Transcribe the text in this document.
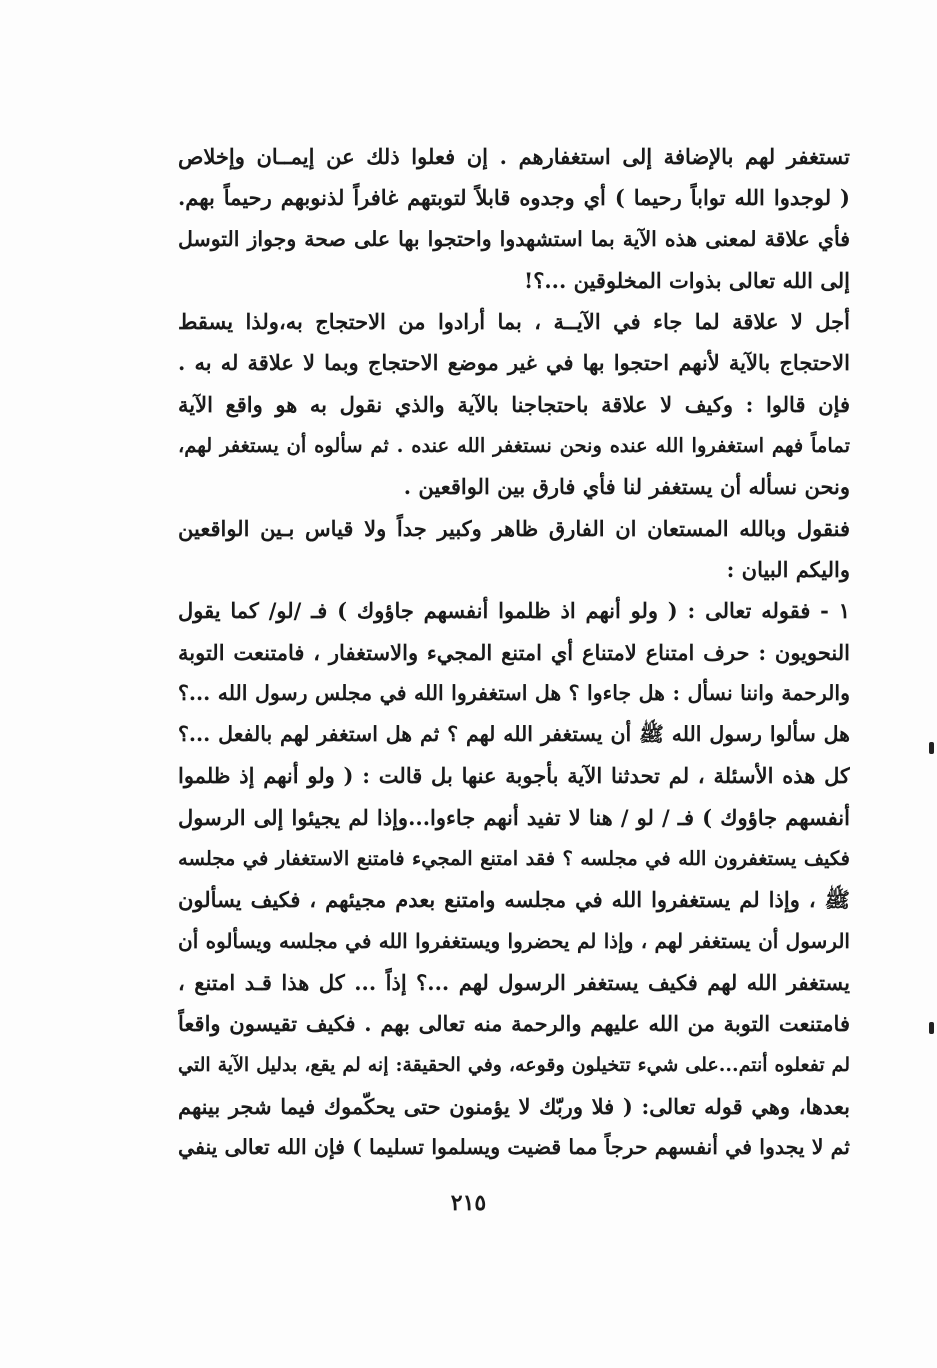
تستغفر لهم بالإضافة إلى استغفارهم . إن فعلوا ذلك عن إيمــان وإخلاص
( لوجدوا الله تواباً رحيما ) أي وجدوه قابلاً لتوبتهم غافراً لذنوبهم رحيماً بهم.
فأي علاقة لمعنى هذه الآية بما استشهدوا واحتجوا بها على صحة وجواز التوسل
إلى الله تعالى بذوات المخلوقين ...؟!
أجل لا علاقة لما جاء في الآيــة ، بما أرادوا من الاحتجاج به،ولذا يسقط
الاحتجاج بالآية لأنهم احتجوا بها في غير موضع الاحتجاج وبما لا علاقة له به .
فإن قالوا : وكيف لا علاقة باحتجاجنا بالآية والذي نقول به هو واقع الآية
تماماً فهم استغفروا الله عنده ونحن نستغفر الله عنده . ثم سألوه أن يستغفر لهم،
ونحن نسأله أن يستغفر لنا فأي فارق بين الواقعين .
فنقول وبالله المستعان ان الفارق ظاهر وكبير جداً ولا قياس بـين الواقعين
واليكم البيان :
١ - فقوله تعالى : ( ولو أنهم اذ ظلموا أنفسهم جاؤوك ) فـ /لو/ كما يقول
النحويون : حرف امتناع لامتناع أي امتنع المجيء والاستغفار ، فامتنعت التوبة
والرحمة واننا نسأل : هل جاءوا ؟ هل استغفروا الله في مجلس رسول الله ...؟
هل سألوا رسول الله ﷺ أن يستغفر الله لهم ؟ ثم هل استغفر لهم بالفعل ...؟
كل هذه الأسئلة ، لم تحدثنا الآية بأجوبة عنها بل قالت : ( ولو أنهم إذ ظلموا
أنفسهم جاؤوك ) فـ / لو / هنا لا تفيد أنهم جاءوا...وإذا لم يجيئوا إلى الرسول
فكيف يستغفرون الله في مجلسه ؟ فقد امتنع المجيء فامتنع الاستغفار في مجلسه
ﷺ ، وإذا لم يستغفروا الله في مجلسه وامتنع بعدم مجيئهم ، فكيف يسألون
الرسول أن يستغفر لهم ، وإذا لم يحضروا ويستغفروا الله في مجلسه ويسألوه أن
يستغفر الله لهم فكيف يستغفر الرسول لهم ...؟ إذاً ... كل هذا قـد امتنع ،
فامتنعت التوبة من الله عليهم والرحمة منه تعالى بهم . فكيف تقيسون واقعاً
لم تفعلوه أنتم...على شيء تتخيلون وقوعه، وفي الحقيقة: إنه لم يقع، بدليل الآية التي
بعدها، وهي قوله تعالى: ( فلا وربّك لا يؤمنون حتى يحكّموك فيما شجر بينهم
ثم لا يجدوا في أنفسهم حرجاً مما قضيت ويسلموا تسليما ) فإن الله تعالى ينفي
٢١٥
